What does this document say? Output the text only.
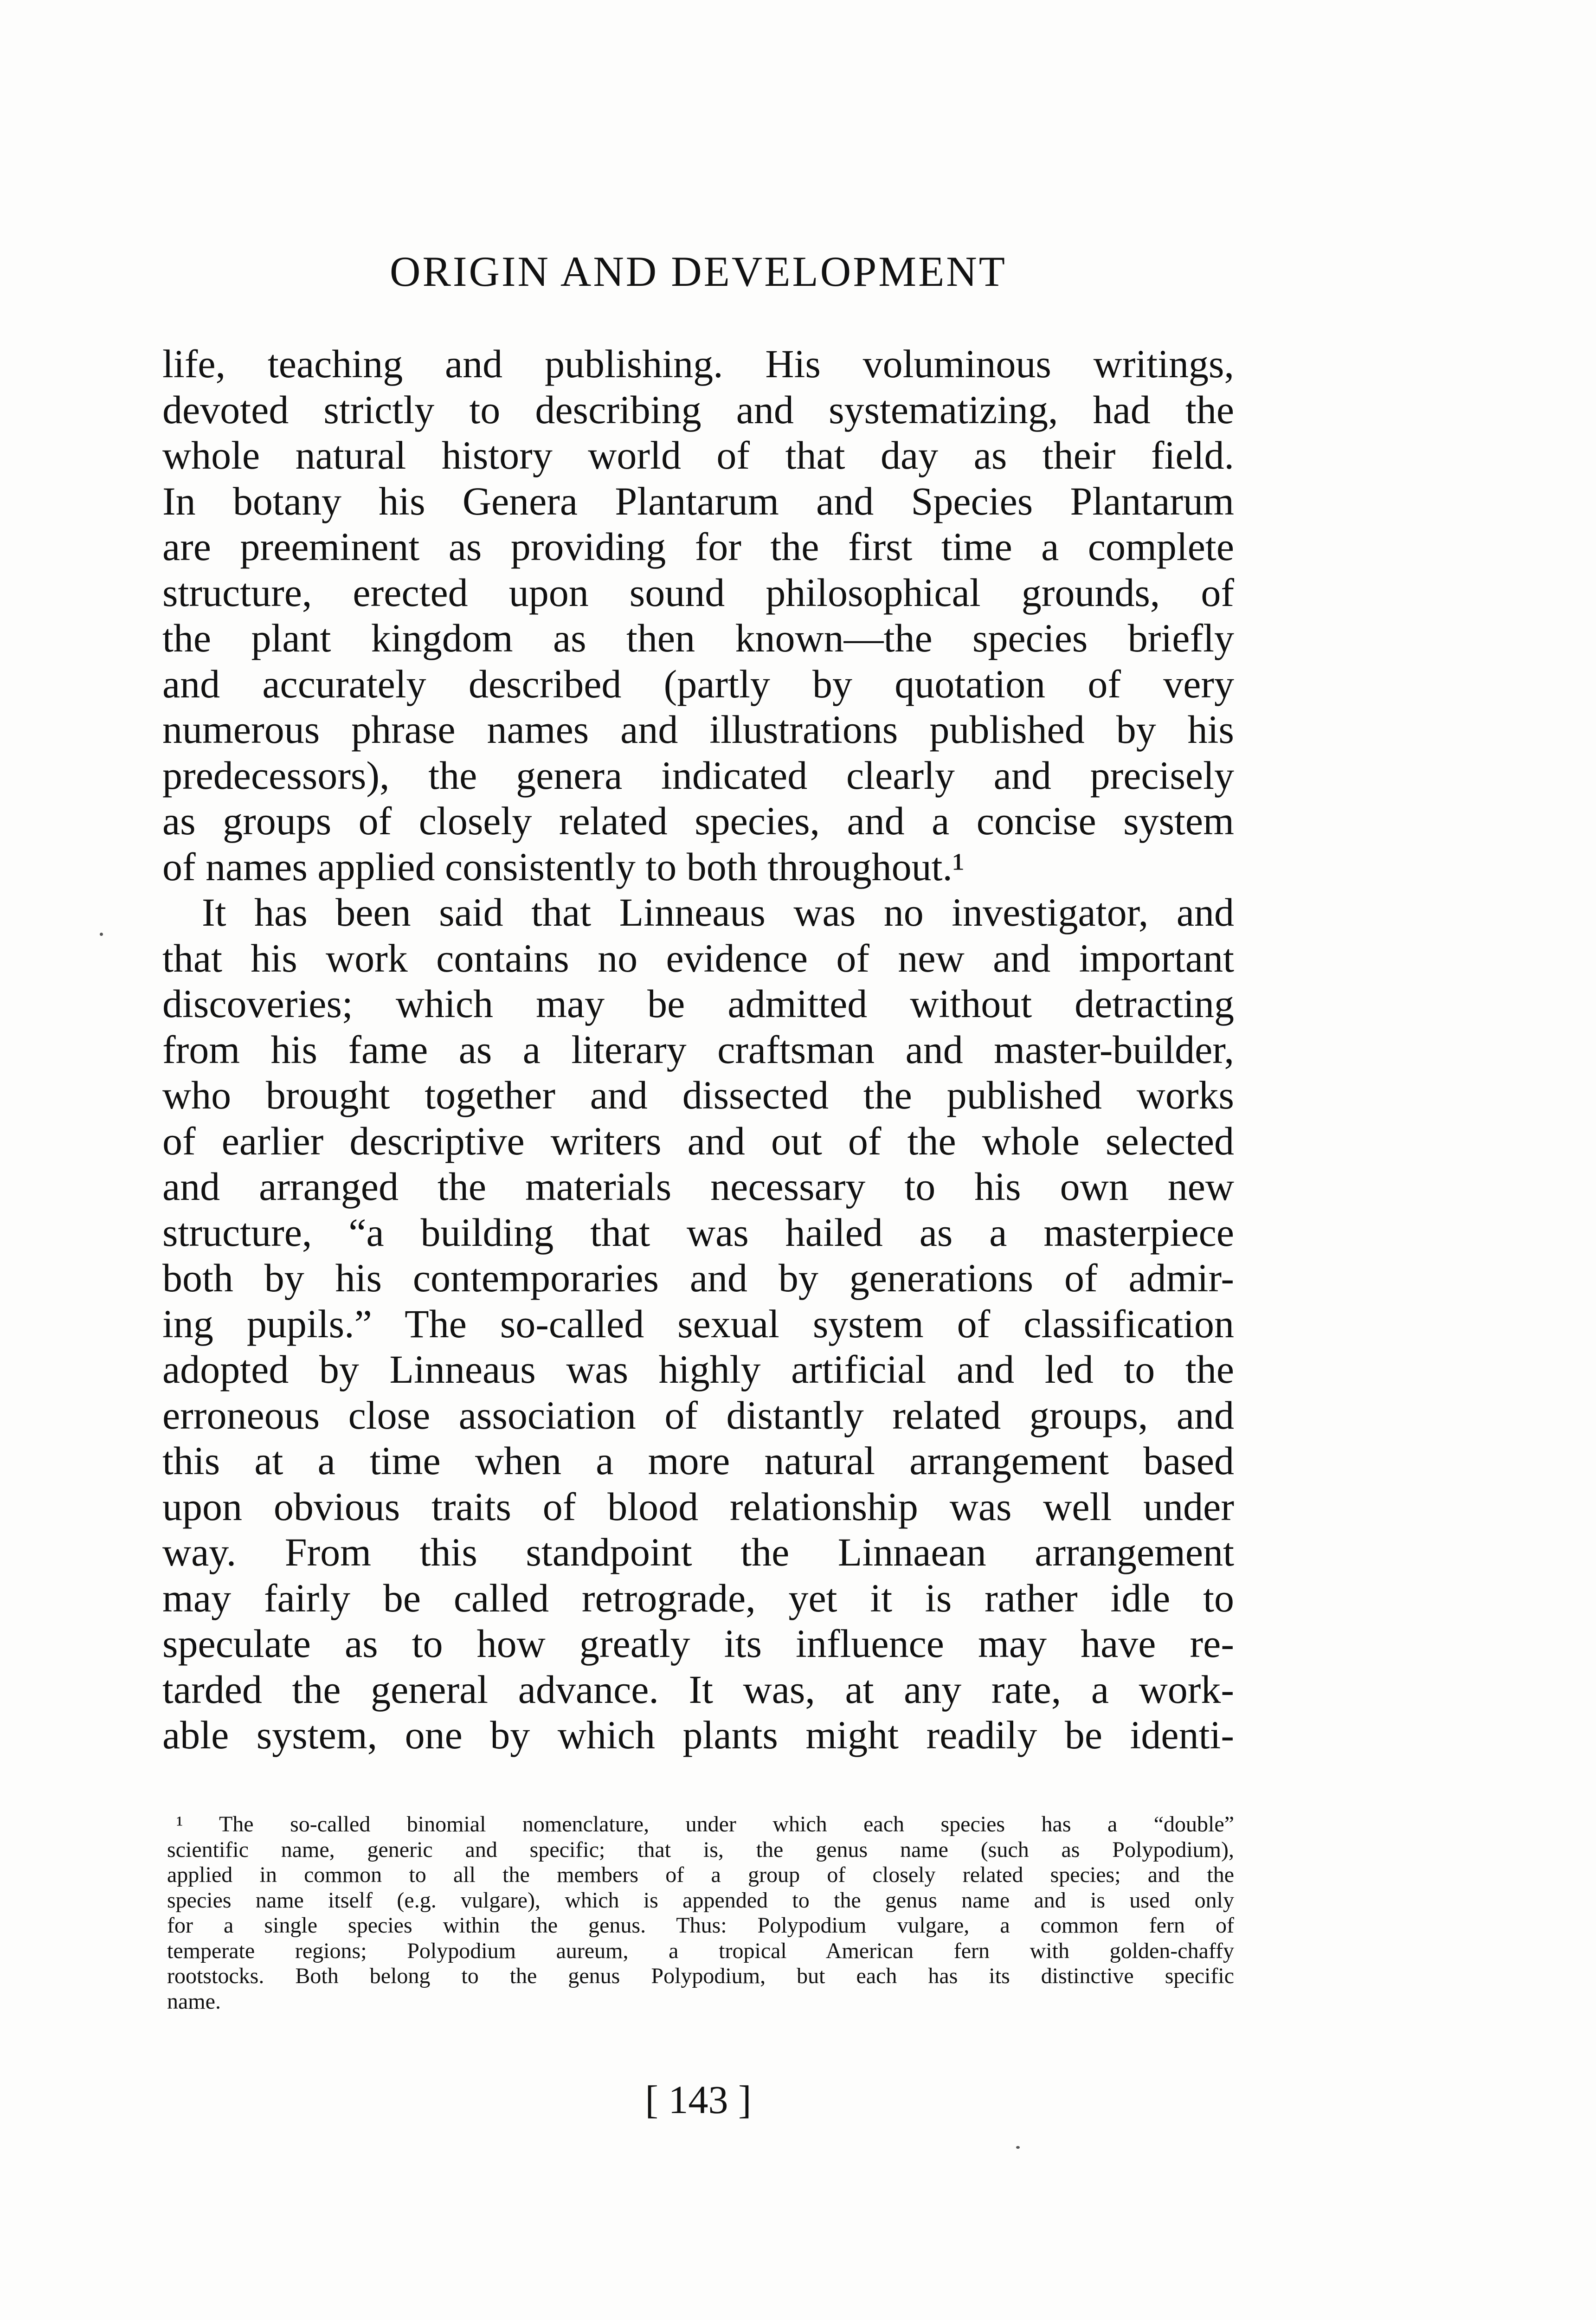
ORIGIN AND DEVELOPMENT
life, teaching and publishing. His voluminous writings,
devoted strictly to describing and systematizing, had the
whole natural history world of that day as their field.
In botany his Genera Plantarum and Species Plantarum
are preeminent as providing for the first time a complete
structure, erected upon sound philosophical grounds, of
the plant kingdom as then known—the species briefly
and accurately described (partly by quotation of very
numerous phrase names and illustrations published by his
predecessors), the genera indicated clearly and precisely
as groups of closely related species, and a concise system
of names applied consistently to both throughout.¹
It has been said that Linneaus was no investigator, and
that his work contains no evidence of new and important
discoveries; which may be admitted without detracting
from his fame as a literary craftsman and master-builder,
who brought together and dissected the published works
of earlier descriptive writers and out of the whole selected
and arranged the materials necessary to his own new
structure, “a building that was hailed as a masterpiece
both by his contemporaries and by generations of admir-
ing pupils.” The so-called sexual system of classification
adopted by Linneaus was highly artificial and led to the
erroneous close association of distantly related groups, and
this at a time when a more natural arrangement based
upon obvious traits of blood relationship was well under
way. From this standpoint the Linnaean arrangement
may fairly be called retrograde, yet it is rather idle to
speculate as to how greatly its influence may have re-
tarded the general advance. It was, at any rate, a work-
able system, one by which plants might readily be identi-
¹ The so-called binomial nomenclature, under which each species has a “double”
scientific name, generic and specific; that is, the genus name (such as Polypodium),
applied in common to all the members of a group of closely related species; and the
species name itself (e.g. vulgare), which is appended to the genus name and is used only
for a single species within the genus. Thus: Polypodium vulgare, a common fern of
temperate regions; Polypodium aureum, a tropical American fern with golden-chaffy
rootstocks. Both belong to the genus Polypodium, but each has its distinctive specific
name.
[ 143 ]
